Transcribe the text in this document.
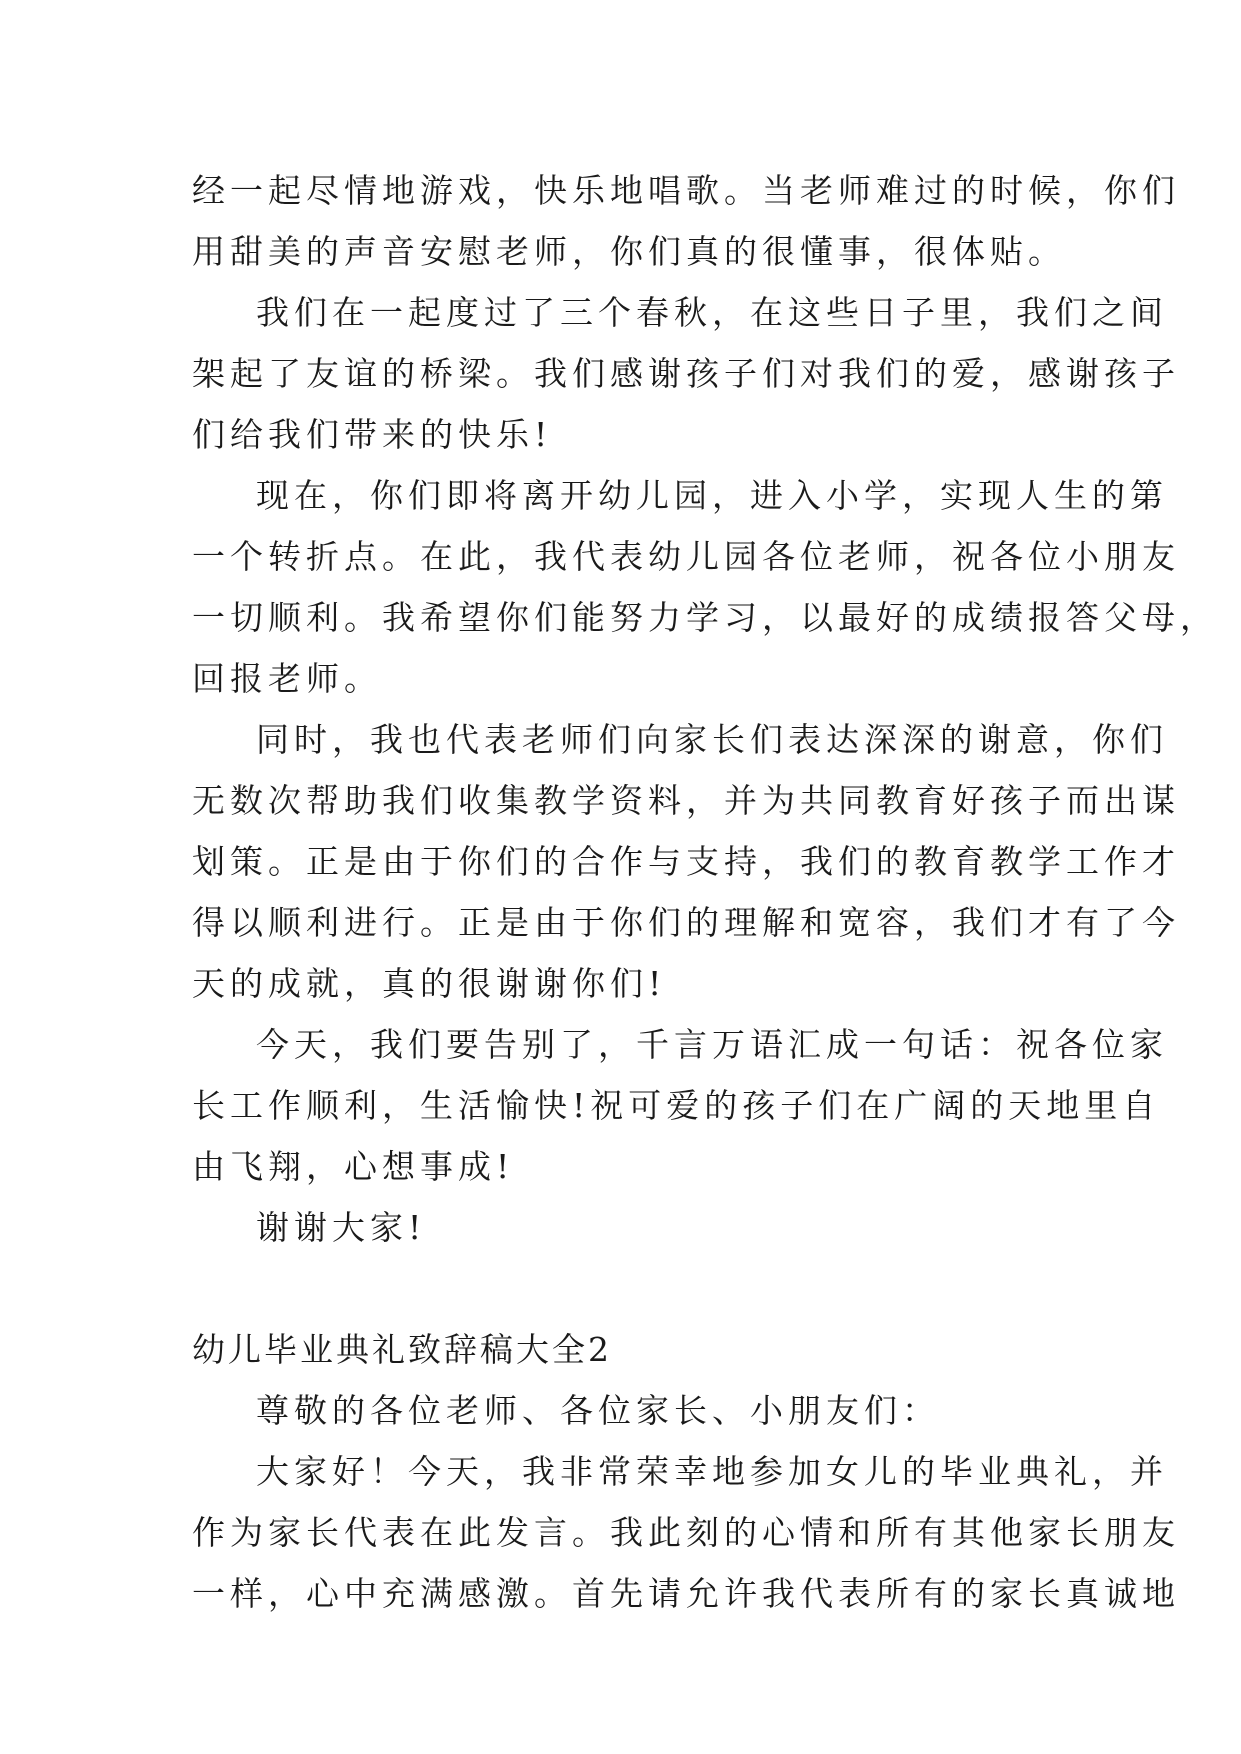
经一起尽情地游戏，快乐地唱歌。当老师难过的时候，你们
用甜美的声音安慰老师，你们真的很懂事，很体贴。
我们在一起度过了三个春秋，在这些日子里，我们之间
架起了友谊的桥梁。我们感谢孩子们对我们的爱，感谢孩子
们给我们带来的快乐!
现在，你们即将离开幼儿园，进入小学，实现人生的第
一个转折点。在此，我代表幼儿园各位老师，祝各位小朋友
一切顺利。我希望你们能努力学习，以最好的成绩报答父母，
回报老师。
同时，我也代表老师们向家长们表达深深的谢意，你们
无数次帮助我们收集教学资料，并为共同教育好孩子而出谋
划策。正是由于你们的合作与支持，我们的教育教学工作才
得以顺利进行。正是由于你们的理解和宽容，我们才有了今
天的成就，真的很谢谢你们!
今天，我们要告别了，千言万语汇成一句话：祝各位家
长工作顺利，生活愉快!祝可爱的孩子们在广阔的天地里自
由飞翔，心想事成!
谢谢大家!
幼儿毕业典礼致辞稿大全2
尊敬的各位老师、各位家长、小朋友们：
大家好！今天，我非常荣幸地参加女儿的毕业典礼，并
作为家长代表在此发言。我此刻的心情和所有其他家长朋友
一样，心中充满感激。首先请允许我代表所有的家长真诚地
